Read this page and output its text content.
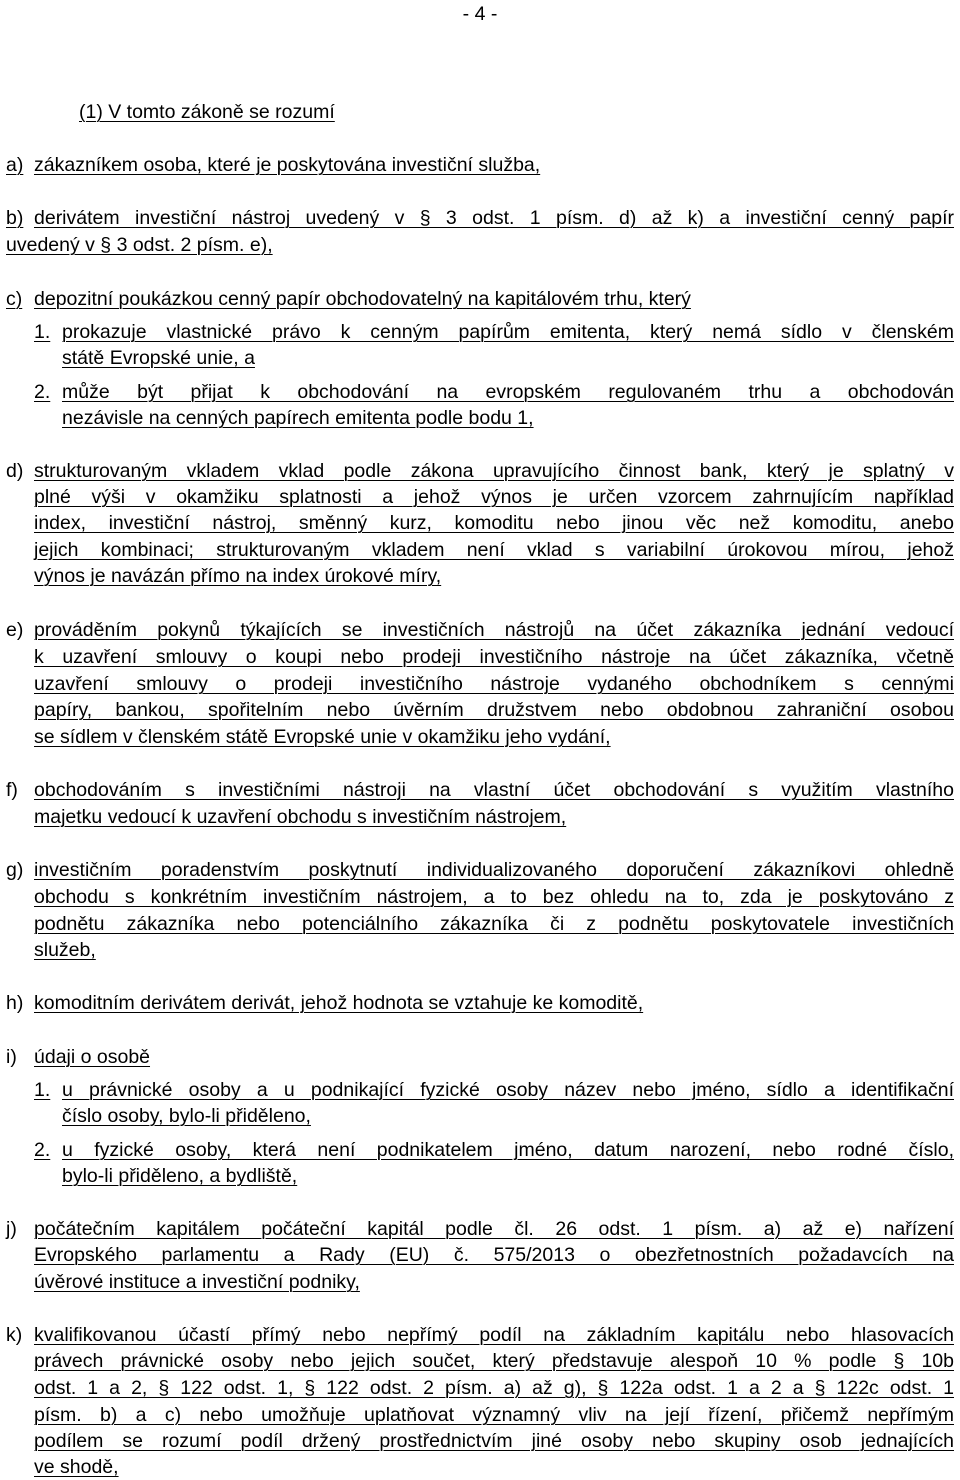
- 4 -
(1) V tomto zákoně se rozumí
a) zákazníkem osoba, které je poskytována investiční služba,
b) derivátem investiční nástroj uvedený v § 3 odst. 1 písm. d) až k) a investiční cenný papír
uvedený v § 3 odst. 2 písm. e),
c) depozitní poukázkou cenný papír obchodovatelný na kapitálovém trhu, který
1. prokazuje vlastnické právo k cenným papírům emitenta, který nemá sídlo v členském
státě Evropské unie, a
2. může být přijat k obchodování na evropském regulovaném trhu a obchodován
nezávisle na cenných papírech emitenta podle bodu 1,
d) strukturovaným vkladem vklad podle zákona upravujícího činnost bank, který je splatný v
plné výši v okamžiku splatnosti a jehož výnos je určen vzorcem zahrnujícím například
index, investiční nástroj, směnný kurz, komoditu nebo jinou věc než komoditu, anebo
jejich kombinaci; strukturovaným vkladem není vklad s variabilní úrokovou mírou, jehož
výnos je navázán přímo na index úrokové míry,
e) prováděním pokynů týkajících se investičních nástrojů na účet zákazníka jednání vedoucí
k uzavření smlouvy o koupi nebo prodeji investičního nástroje na účet zákazníka, včetně
uzavření smlouvy o prodeji investičního nástroje vydaného obchodníkem s cennými
papíry, bankou, spořitelním nebo úvěrním družstvem nebo obdobnou zahraniční osobou
se sídlem v členském státě Evropské unie v okamžiku jeho vydání,
f) obchodováním s investičními nástroji na vlastní účet obchodování s využitím vlastního
majetku vedoucí k uzavření obchodu s investičním nástrojem,
g) investičním poradenstvím poskytnutí individualizovaného doporučení zákazníkovi ohledně
obchodu s konkrétním investičním nástrojem, a to bez ohledu na to, zda je poskytováno z
podnětu zákazníka nebo potenciálního zákazníka či z podnětu poskytovatele investičních
služeb,
h) komoditním derivátem derivát, jehož hodnota se vztahuje ke komoditě,
i) údaji o osobě
1. u právnické osoby a u podnikající fyzické osoby název nebo jméno, sídlo a identifikační
číslo osoby, bylo-li přiděleno,
2. u fyzické osoby, která není podnikatelem jméno, datum narození, nebo rodné číslo,
bylo-li přiděleno, a bydliště,
j) počátečním kapitálem počáteční kapitál podle čl. 26 odst. 1 písm. a) až e) nařízení
Evropského parlamentu a Rady (EU) č. 575/2013 o obezřetnostních požadavcích na
úvěrové instituce a investiční podniky,
k) kvalifikovanou účastí přímý nebo nepřímý podíl na základním kapitálu nebo hlasovacích
právech právnické osoby nebo jejich součet, který představuje alespoň 10 % podle § 10b
odst. 1 a 2, § 122 odst. 1, § 122 odst. 2 písm. a) až g), § 122a odst. 1 a 2 a § 122c odst. 1
písm. b) a c) nebo umožňuje uplatňovat významný vliv na její řízení, přičemž nepřímým
podílem se rozumí podíl držený prostřednictvím jiné osoby nebo skupiny osob jednajících
ve shodě,
